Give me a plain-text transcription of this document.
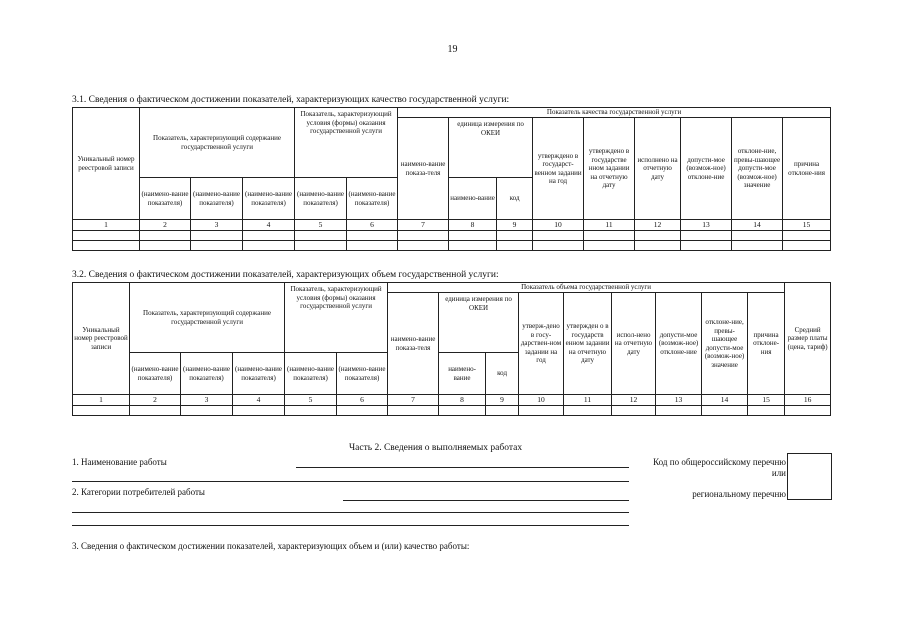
19
3.1. Сведения о фактическом достижении показателей, характеризующих качество государственной услуги:
Уникальный номер реестровой записи	Показатель, характеризующий содержание государственной услуги			Показатель, характеризующий условия (формы) оказания государственной услуги		Показатель качества государственной услуги								
						наимено-вание показа-теля	единица измерения по ОКЕИ		утверждено в государст-венном задании на год	утверждено в государстве нном задании на отчетную дату	исполнено на отчетную дату	допусти-мое (возмож-ное) отклоне-ние	отклоне-ние, превы-шающее допусти-мое (возмож-ное) значение	причина отклоне-ния
	(наимено-вание показателя)	(наимено-вание показателя)	(наимено-вание показателя)	(наимено-вание показателя)	(наимено-вание показателя)		наимено-вание	код						
1	2	3	4	5	6	7	8	9	10	11	12	13	14	15

3.2. Сведения о фактическом достижении показателей, характеризующих объем государственной услуги:
Уникальный номер реестровой записи	Показатель, характеризующий содержание государственной услуги			Показатель, характеризующий условия (формы) оказания государственной услуги		Показатель объема государственной услуги									Средний размер платы (цена, тариф)
						наимено-вание показа-теля	единица измерения по ОКЕИ		утверж-дено в госу-дарствен-ном задании на год	утвержден о в государств енном задании на отчетную дату	испол-нено на отчетную дату	допусти-мое (возмож-ное) отклоне-ние	отклоне-ние, превы-шающее допусти-мое (возмож-ное) значение	причина отклоне-ния	
	(наимено-вание показателя)	(наимено-вание показателя)	(наимено-вание показателя)	(наимено-вание показателя)	(наимено-вание показателя)		наимено-вание	код							
1	2	3	4	5	6	7	8	9	10	11	12	13	14	15	16

Часть 2. Сведения о выполняемых работах
1. Наименование работы
2. Категории потребителей работы
Код по общероссийскому перечню или
региональному перечню
3. Сведения о фактическом достижении показателей, характеризующих объем и (или) качество работы:
